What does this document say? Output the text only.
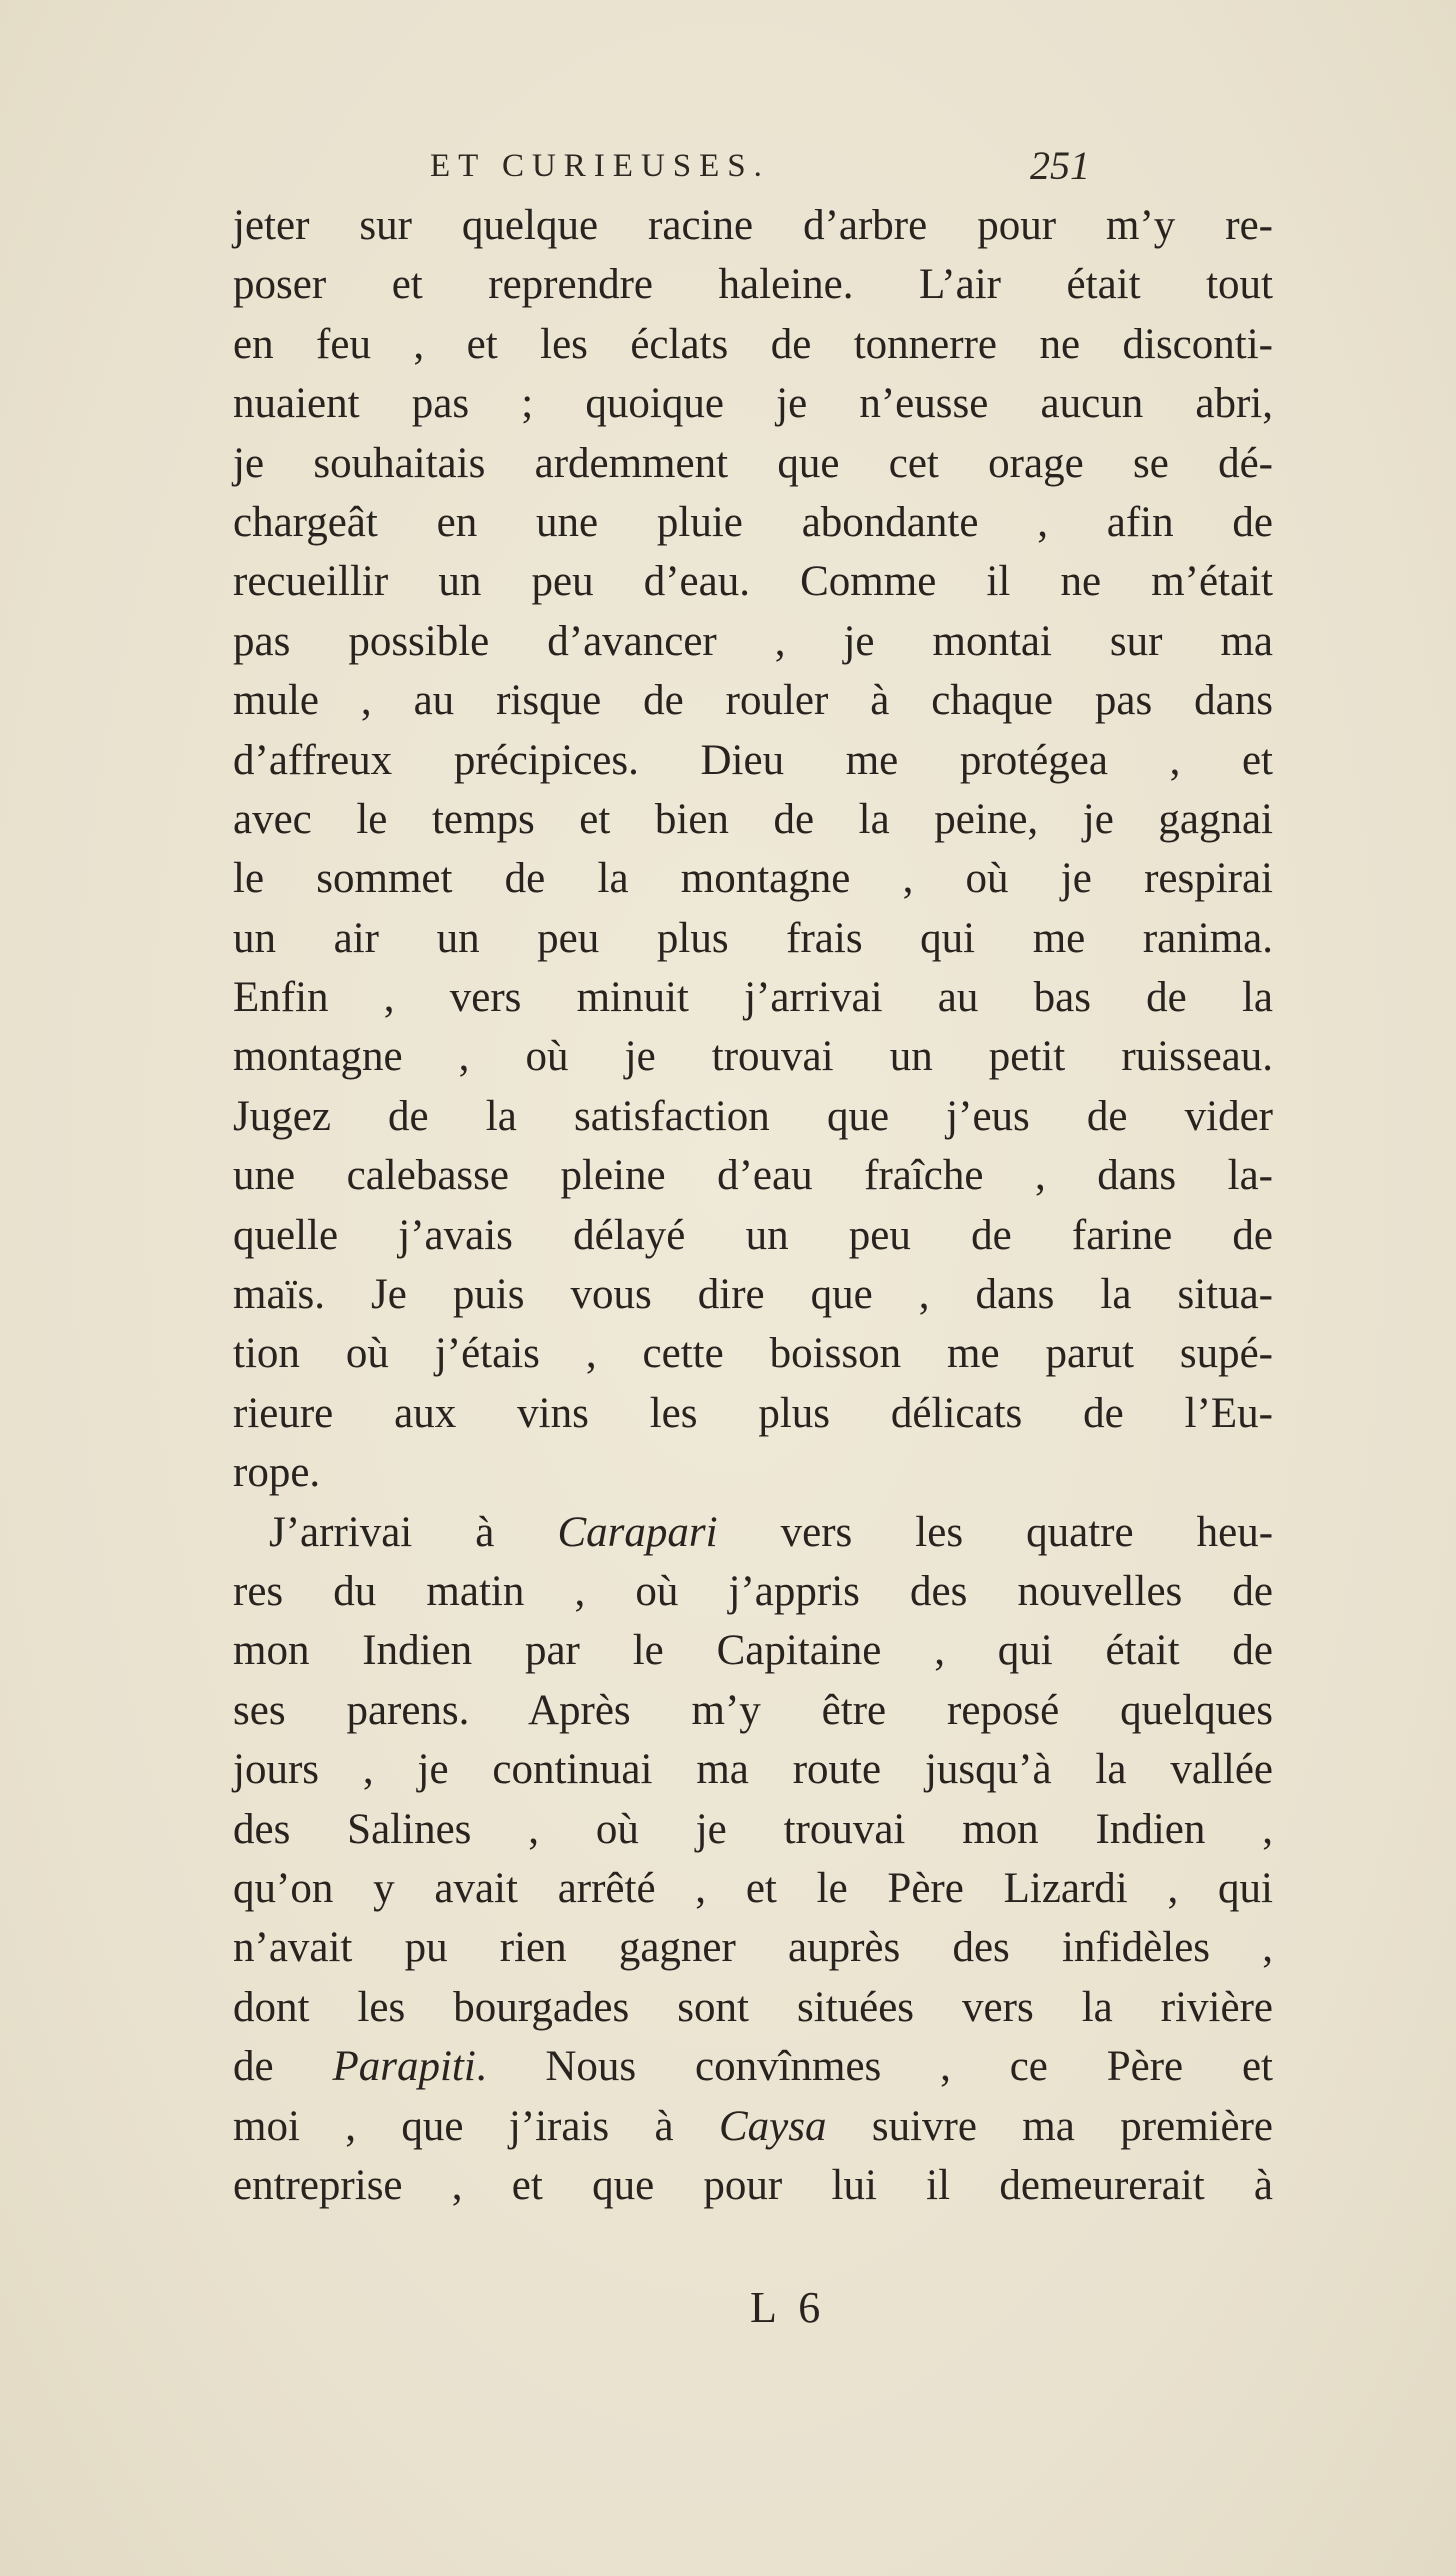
ET CURIEUSES.	251
jeter sur quelque racine d’arbre pour m’y re-
poser et reprendre haleine. L’air était tout
en feu , et les éclats de tonnerre ne disconti-
nuaient pas ; quoique je n’eusse aucun abri,
je souhaitais ardemment que cet orage se dé-
chargeât en une pluie abondante , afin de
recueillir un peu d’eau. Comme il ne m’était
pas possible d’avancer , je montai sur ma
mule , au risque de rouler à chaque pas dans
d’affreux précipices. Dieu me protégea , et
avec le temps et bien de la peine, je gagnai
le sommet de la montagne , où je respirai
un air un peu plus frais qui me ranima.
Enfin , vers minuit j’arrivai au bas de la
montagne , où je trouvai un petit ruisseau.
Jugez de la satisfaction que j’eus de vider
une calebasse pleine d’eau fraîche , dans la-
quelle j’avais délayé un peu de farine de
maïs. Je puis vous dire que , dans la situa-
tion où j’étais , cette boisson me parut supé-
rieure aux vins les plus délicats de l’Eu-
rope.
J’arrivai à Carapari vers les quatre heu-
res du matin , où j’appris des nouvelles de
mon Indien par le Capitaine , qui était de
ses parens. Après m’y être reposé quelques
jours , je continuai ma route jusqu’à la vallée
des Salines , où je trouvai mon Indien ,
qu’on y avait arrêté , et le Père Lizardi , qui
n’avait pu rien gagner auprès des infidèles ,
dont les bourgades sont situées vers la rivière
de Parapiti. Nous convînmes , ce Père et
moi , que j’irais à Caysa suivre ma première
entreprise , et que pour lui il demeurerait à
L 6
